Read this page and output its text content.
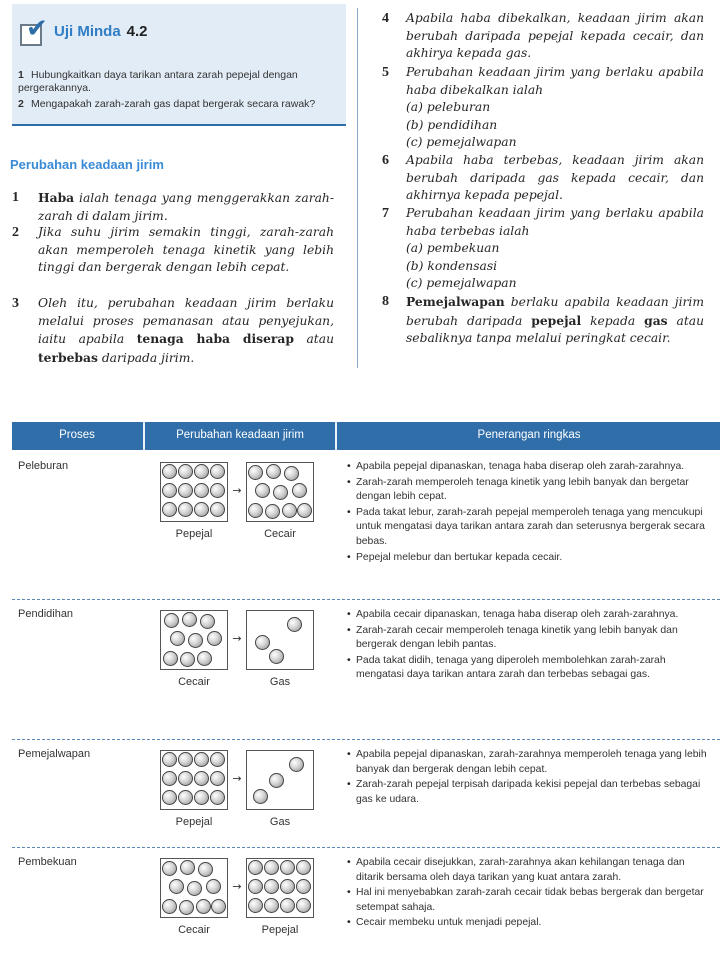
✔ Uji Minda 4.2
1 Hubungkaitkan daya tarikan antara zarah pepejal dengan pergerakannya.
2 Mengapakah zarah-zarah gas dapat bergerak secara rawak?
Perubahan keadaan jirim
1	Haba ialah tenaga yang menggerakkan zarah-zarah di dalam jirim.
2	Jika suhu jirim semakin tinggi, zarah-zarah akan memperoleh tenaga kinetik yang lebih tinggi dan bergerak dengan lebih cepat.
3	Oleh itu, perubahan keadaan jirim berlaku melalui proses pemanasan atau penyejukan, iaitu apabila tenaga haba diserap atau terbebas daripada jirim.
4	Apabila haba dibekalkan, keadaan jirim akan berubah daripada pepejal kepada cecair, dan akhirya kepada gas.
5	Perubahan keadaan jirim yang berlaku apabila haba dibekalkan ialah
(a) peleburan
(b) pendidihan
(c) pemejalwapan
6	Apabila haba terbebas, keadaan jirim akan berubah daripada gas kepada cecair, dan akhirnya kepada pepejal.
7	Perubahan keadaan jirim yang berlaku apabila haba terbebas ialah
(a) pembekuan
(b) kondensasi
(c) pemejalwapan
8	Pemejalwapan berlaku apabila keadaan jirim berubah daripada pepejal kepada gas atau sebaliknya tanpa melalui peringkat cecair.
Proses	Perubahan keadaan jirim	Penerangan ringkas
Peleburan
→
Pepejal	Cecair
• Apabila pepejal dipanaskan, tenaga haba diserap oleh zarah-zarahnya.
• Zarah-zarah memperoleh tenaga kinetik yang lebih banyak dan bergetar dengan lebih cepat.
• Pada takat lebur, zarah-zarah pepejal memperoleh tenaga yang mencukupi untuk mengatasi daya tarikan antara zarah dan seterusnya bergerak secara bebas.
• Pepejal melebur dan bertukar kepada cecair.
Pendidihan
→
Cecair	Gas
• Apabila cecair dipanaskan, tenaga haba diserap oleh zarah-zarahnya.
• Zarah-zarah cecair memperoleh tenaga kinetik yang lebih banyak dan bergerak dengan lebih pantas.
• Pada takat didih, tenaga yang diperoleh membolehkan zarah-zarah mengatasi daya tarikan antara zarah dan terbebas sebagai gas.
Pemejalwapan
→
Pepejal	Gas
• Apabila pepejal dipanaskan, zarah-zarahnya memperoleh tenaga yang lebih banyak dan bergerak dengan lebih cepat.
• Zarah-zarah pepejal terpisah daripada kekisi pepejal dan terbebas sebagai gas ke udara.
Pembekuan
→
Cecair	Pepejal
• Apabila cecair disejukkan, zarah-zarahnya akan kehilangan tenaga dan ditarik bersama oleh daya tarikan yang kuat antara zarah.
• Hal ini menyebabkan zarah-zarah cecair tidak bebas bergerak dan bergetar setempat sahaja.
• Cecair membeku untuk menjadi pepejal.
